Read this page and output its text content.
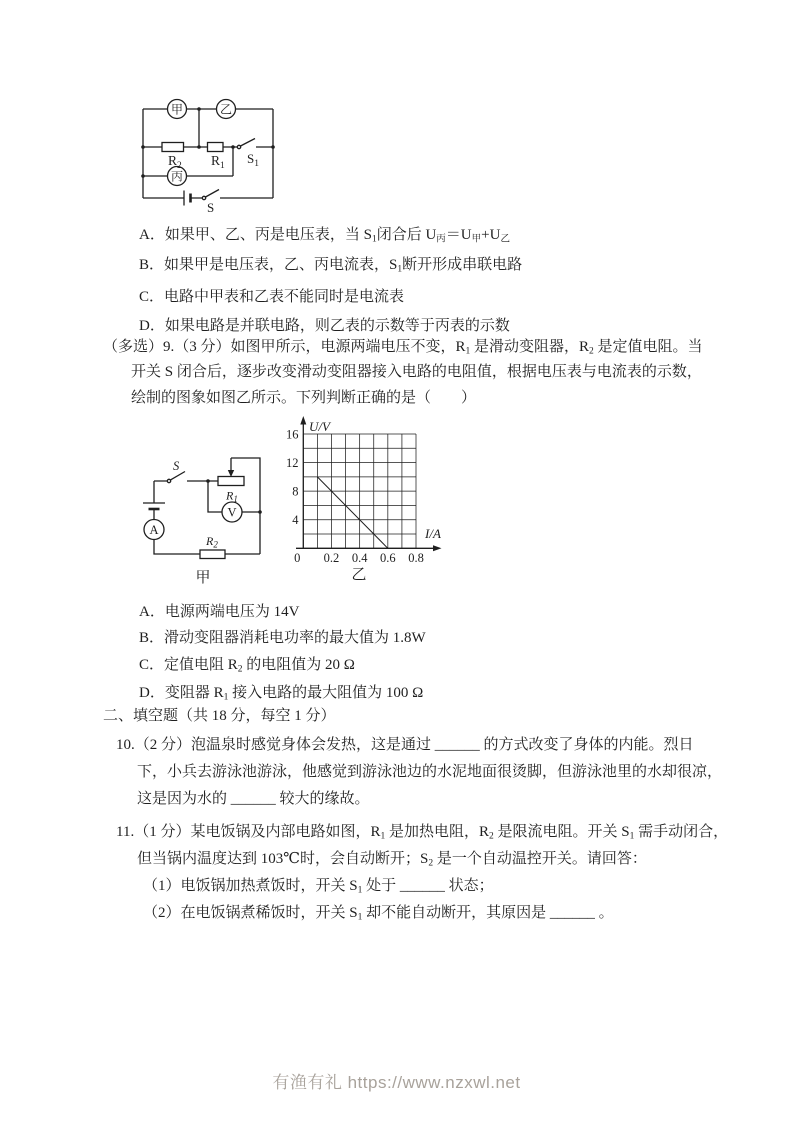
甲	乙
丙
$R_2$ $R_1$ $S_1$
S
A．如果甲、乙、丙是电压表，当 $S_1$闭合后 $U_丙=U_甲+U_乙$
B．如果甲是电压表，乙、丙电流表，$S_1$断开形成串联电路
C．电路中甲表和乙表不能同时是电流表
D．如果电路是并联电路，则乙表的示数等于丙表的示数
（多选）9.（3 分）如图甲所示，电源两端电压不变，$R_1$ 是滑动变阻器，$R_2$ 是定值电阻。当
开关 S 闭合后，逐步改变滑动变阻器接入电路的电阻值，根据电压表与电流表的示数，
绘制的图象如图乙所示。下列判断正确的是（　　）
A
V
S
$R_1$
$R_2$
甲
0 0.2 0.4 0.6 0.8
4
8
12
16
U/V
I/A
乙
A．电源两端电压为 14V
B．滑动变阻器消耗电功率的最大值为 1.8W
C．定值电阻 $R_2$ 的电阻值为 20 Ω
D．变阻器 $R_1$ 接入电路的最大阻值为 100 Ω
二、填空题（共 18 分，每空 1 分）
10.（2 分）泡温泉时感觉身体会发热，这是通过 ______ 的方式改变了身体的内能。烈日
下，小兵去游泳池游泳，他感觉到游泳池边的水泥地面很烫脚，但游泳池里的水却很凉，
这是因为水的 ______ 较大的缘故。
11.（1 分）某电饭锅及内部电路如图，$R_1$ 是加热电阻，$R_2$ 是限流电阻。开关 $S_1$ 需手动闭合，
但当锅内温度达到 103℃时，会自动断开；$S_2$ 是一个自动温控开关。请回答：
（1）电饭锅加热煮饭时，开关 $S_1$ 处于 ______ 状态；
（2）在电饭锅煮稀饭时，开关 $S_1$ 却不能自动断开，其原因是 ______ 。
有渔有礼 https://www.nzxwl.net
